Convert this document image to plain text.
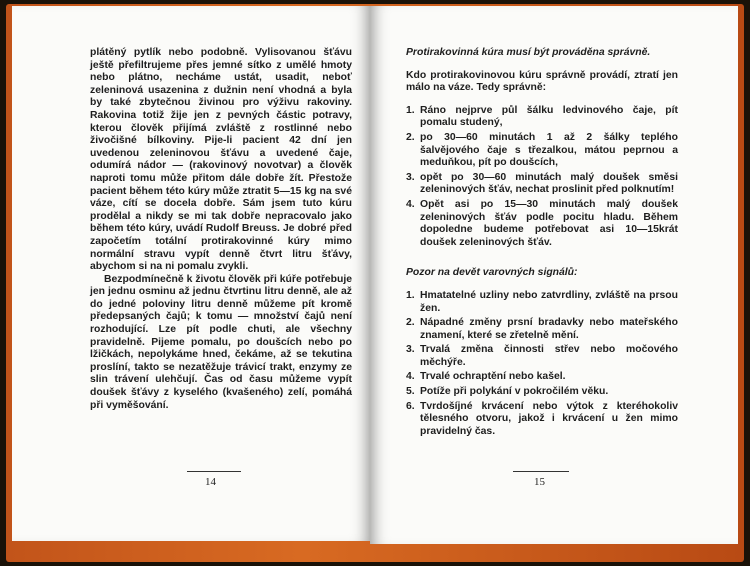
plátěný pytlík nebo podobně. Vylisovanou šťávu ještě přefiltrujeme přes jemné sítko z umělé hmoty nebo plátno, necháme ustát, usadit, neboť zeleninová usazenina z dužnin není vhodná a byla by také zbytečnou živinou pro výživu rakoviny. Rakovina totiž žije jen z pevných částic potravy, kterou člověk přijímá zvláště z rostlinné nebo živočišné bílkoviny. Pije-li pacient 42 dní jen uvedenou zeleninovou šťávu a uvedené čaje, odumírá nádor — (rakovinový novotvar) a člověk naproti tomu může přitom dále dobře žít. Přestože pacient během této kúry může ztratit 5—15 kg na své váze, cítí se docela dobře. Sám jsem tuto kúru prodělal a nikdy se mi tak dobře nepracovalo jako během této kúry, uvádí Rudolf Breuss. Je dobré před započetím totální protirakovinné kúry mimo normální stravu vypít denně čtvrt litru šťávy, abychom si na ni pomalu zvykli.

Bezpodmínečně k životu člověk při kúře potřebuje jen jednu osminu až jednu čtvrtinu litru denně, ale až do jedné poloviny litru denně můžeme pít kromě předepsaných čajů; k tomu — množství čajů není rozhodující. Lze pít podle chuti, ale všechny pravidelně. Pijeme pomalu, po doušcích nebo po lžičkách, nepolykáme hned, čekáme, až se tekutina proslíní, takto se nezatěžuje trávicí trakt, enzymy ze slin trávení ulehčují. Čas od času můžeme vypít doušek šťávy z kyselého (kvašeného) zelí, pomáhá při vyměšování.

14

Protirakovinná kúra musí být prováděna správně.

Kdo protirakovinovou kúru správně provádí, ztratí jen málo na váze. Tedy správně:

1. Ráno nejprve půl šálku ledvinového čaje, pít pomalu studený,
2. po 30—60 minutách 1 až 2 šálky teplého šalvějového čaje s třezalkou, mátou peprnou a meduňkou, pít po doušcích,
3. opět po 30—60 minutách malý doušek směsi zeleninových šťáv, nechat proslinit před polknutím!
4. Opět asi po 15—30 minutách malý doušek zeleninových šťáv podle pocitu hladu. Během dopoledne budeme potřebovat asi 10—15krát doušek zeleninových šťáv.

Pozor na devět varovných signálů:

1. Hmatatelné uzliny nebo zatvrdliny, zvláště na prsou žen.
2. Nápadné změny prsní bradavky nebo mateřského znamení, které se zřetelně mění.
3. Trvalá změna činnosti střev nebo močového měchýře.
4. Trvalé ochraptění nebo kašel.
5. Potíže při polykání v pokročilém věku.
6. Tvrdošíjné krvácení nebo výtok z kteréhokoliv tělesného otvoru, jakož i krvácení u žen mimo pravidelný čas.
15
